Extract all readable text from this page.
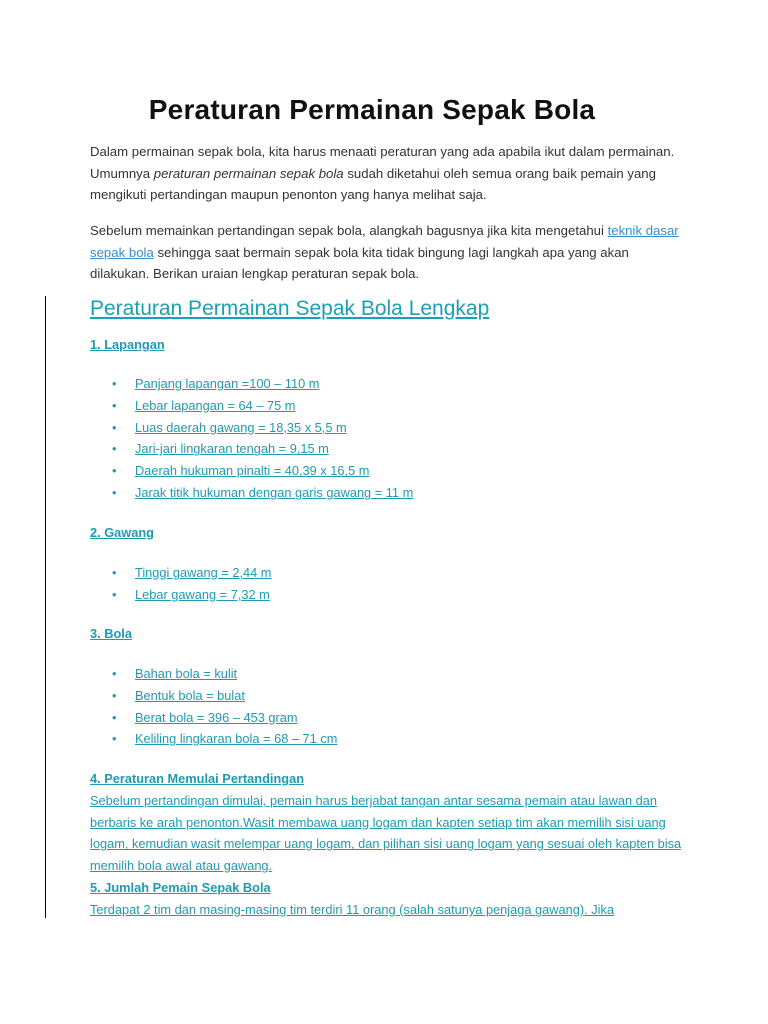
Peraturan Permainan Sepak Bola

Dalam permainan sepak bola, kita harus menaati peraturan yang ada apabila ikut dalam permainan. Umumnya peraturan permainan sepak bola sudah diketahui oleh semua orang baik pemain yang mengikuti pertandingan maupun penonton yang hanya melihat saja.

Sebelum memainkan pertandingan sepak bola, alangkah bagusnya jika kita mengetahui teknik dasar sepak bola sehingga saat bermain sepak bola kita tidak bingung lagi langkah apa yang akan dilakukan. Berikan uraian lengkap peraturan sepak bola.

Peraturan Permainan Sepak Bola Lengkap
1. Lapangan
• Panjang lapangan =100 – 110 m
• Lebar lapangan = 64 – 75 m
• Luas daerah gawang = 18,35 x 5,5 m
• Jari-jari lingkaran tengah = 9,15 m
• Daerah hukuman pinalti = 40,39 x 16,5 m
• Jarak titik hukuman dengan garis gawang = 11 m
2. Gawang
• Tinggi gawang = 2,44 m
• Lebar gawang = 7,32 m
3. Bola
• Bahan bola = kulit
• Bentuk bola = bulat
• Berat bola = 396 – 453 gram
• Keliling lingkaran bola = 68 – 71 cm
4. Peraturan Memulai Pertandingan

Sebelum pertandingan dimulai, pemain harus berjabat tangan antar sesama pemain atau lawan dan berbaris ke arah penonton.Wasit membawa uang logam dan kapten setiap tim akan memilih sisi uang logam, kemudian wasit melempar uang logam, dan pilihan sisi uang logam yang sesuai oleh kapten bisa memilih bola awal atau gawang.

5. Jumlah Pemain Sepak Bola

Terdapat 2 tim dan masing-masing tim terdiri 11 orang (salah satunya penjaga gawang). Jika
